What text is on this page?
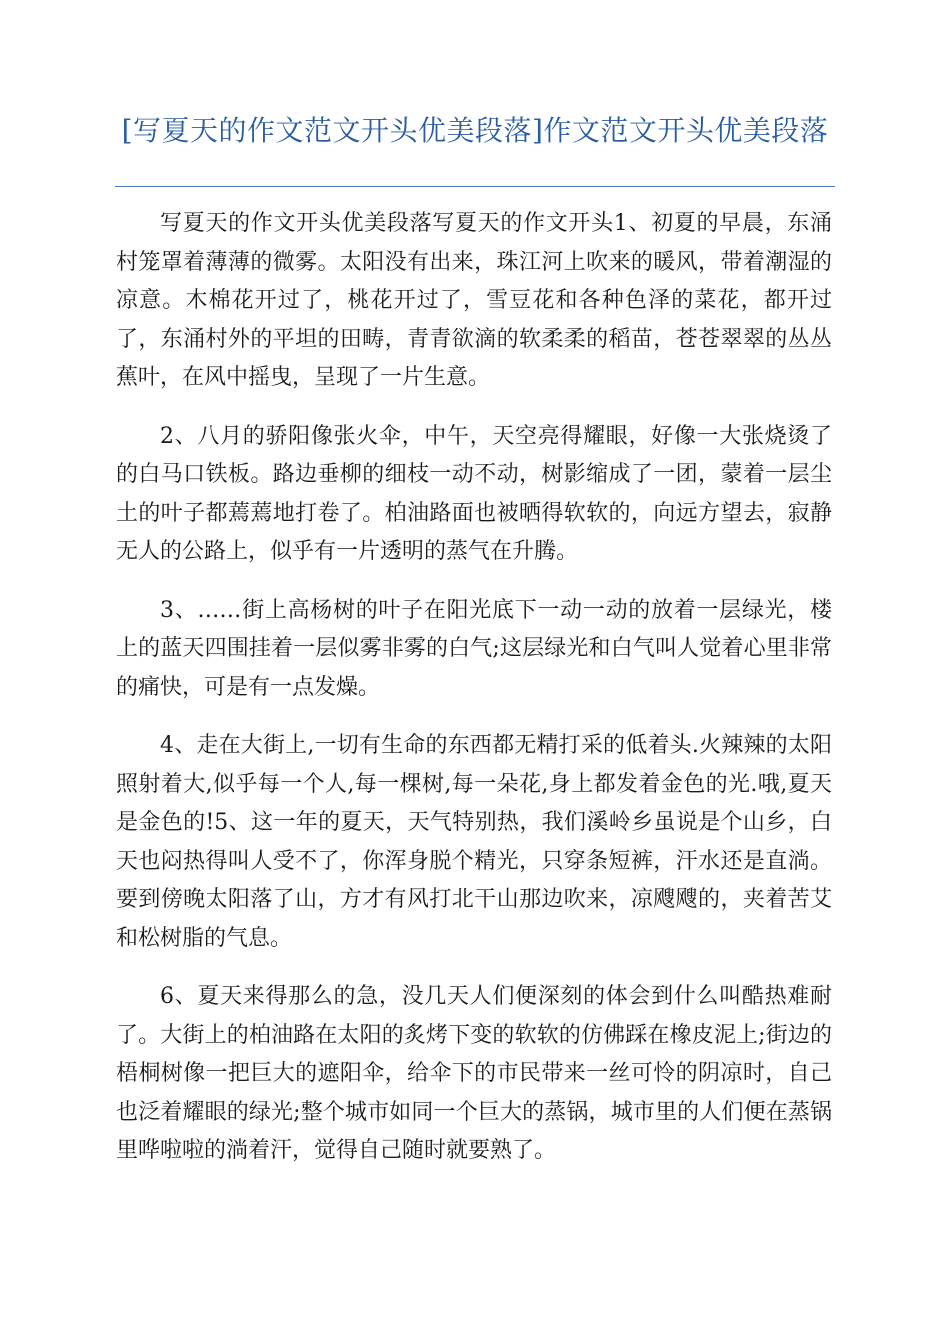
[写夏天的作文范文开头优美段落]作文范文开头优美段落

写夏天的作文开头优美段落写夏天的作文开头1、初夏的早晨，东涌村笼罩着薄薄的微雾。太阳没有出来，珠江河上吹来的暖风，带着潮湿的凉意。木棉花开过了，桃花开过了，雪豆花和各种色泽的菜花，都开过了，东涌村外的平坦的田畴，青青欲滴的软柔柔的稻苗，苍苍翠翠的丛丛蕉叶，在风中摇曳，呈现了一片生意。

2、八月的骄阳像张火伞，中午，天空亮得耀眼，好像一大张烧烫了的白马口铁板。路边垂柳的细枝一动不动，树影缩成了一团，蒙着一层尘土的叶子都蔫蔫地打卷了。柏油路面也被晒得软软的，向远方望去，寂静无人的公路上，似乎有一片透明的蒸气在升腾。

3、……街上高杨树的叶子在阳光底下一动一动的放着一层绿光，楼上的蓝天四围挂着一层似雾非雾的白气;这层绿光和白气叫人觉着心里非常的痛快，可是有一点发燥。

4、走在大街上,一切有生命的东西都无精打采的低着头.火辣辣的太阳照射着大,似乎每一个人,每一棵树,每一朵花,身上都发着金色的光.哦,夏天是金色的!5、这一年的夏天，天气特别热，我们溪岭乡虽说是个山乡，白天也闷热得叫人受不了，你浑身脱个精光，只穿条短裤，汗水还是直淌。要到傍晚太阳落了山，方才有风打北干山那边吹来，凉飕飕的，夹着苦艾和松树脂的气息。

6、夏天来得那么的急，没几天人们便深刻的体会到什么叫酷热难耐了。大街上的柏油路在太阳的炙烤下变的软软的仿佛踩在橡皮泥上;街边的梧桐树像一把巨大的遮阳伞，给伞下的市民带来一丝可怜的阴凉时，自己也泛着耀眼的绿光;整个城市如同一个巨大的蒸锅，城市里的人们便在蒸锅里哗啦啦的淌着汗，觉得自己随时就要熟了。
